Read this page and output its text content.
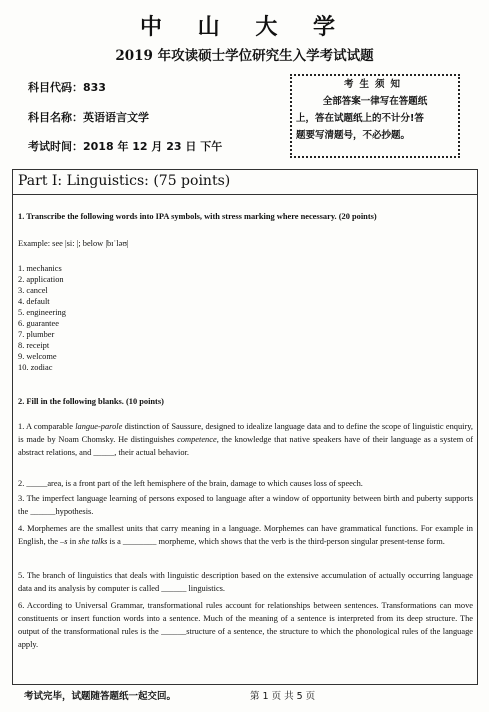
中 山 大 学
2019 年攻读硕士学位研究生入学考试试题
科目代码：833
科目名称：英语语言文学
考试时间：2018 年 12 月 23 日 下午
考生须知
全部答案一律写在答题纸
上，答在试题纸上的不计分!答
题要写清题号，不必抄题。
Part I: Linguistics: (75 points)
1. Transcribe the following words into IPA symbols, with stress marking where necessary. (20 points)
Example: see |si: |; below |bɪˈləʊ|
1. mechanics
2. application
3. cancel
4. default
5. engineering
6. guarantee
7. plumber
8. receipt
9. welcome
10. zodiac
2. Fill in the following blanks. (10 points)
1. A comparable langue-parole distinction of Saussure, designed to idealize language data and to define the scope of linguistic enquiry, is made by Noam Chomsky. He distinguishes competence, the knowledge that native speakers have of their language as a system of abstract relations, and _____, their actual behavior.
2. _____area, is a front part of the left hemisphere of the brain, damage to which causes loss of speech.
3. The imperfect language learning of persons exposed to language after a window of opportunity between birth and puberty supports the ______hypothesis.
4. Morphemes are the smallest units that carry meaning in a language. Morphemes can have grammatical functions. For example in English, the –s in she talks is a ________ morpheme, which shows that the verb is the third-person singular present-tense form.
5. The branch of linguistics that deals with linguistic description based on the extensive accumulation of actually occurring language data and its analysis by computer is called ______ linguistics.
6. According to Universal Grammar, transformational rules account for relationships between sentences. Transformations can move constituents or insert function words into a sentence. Much of the meaning of a sentence is interpreted from its deep structure. The output of the transformational rules is the ______structure of a sentence, the structure to which the phonological rules of the language apply.
考试完毕，试题随答题纸一起交回。	第 1 页 共 5 页
